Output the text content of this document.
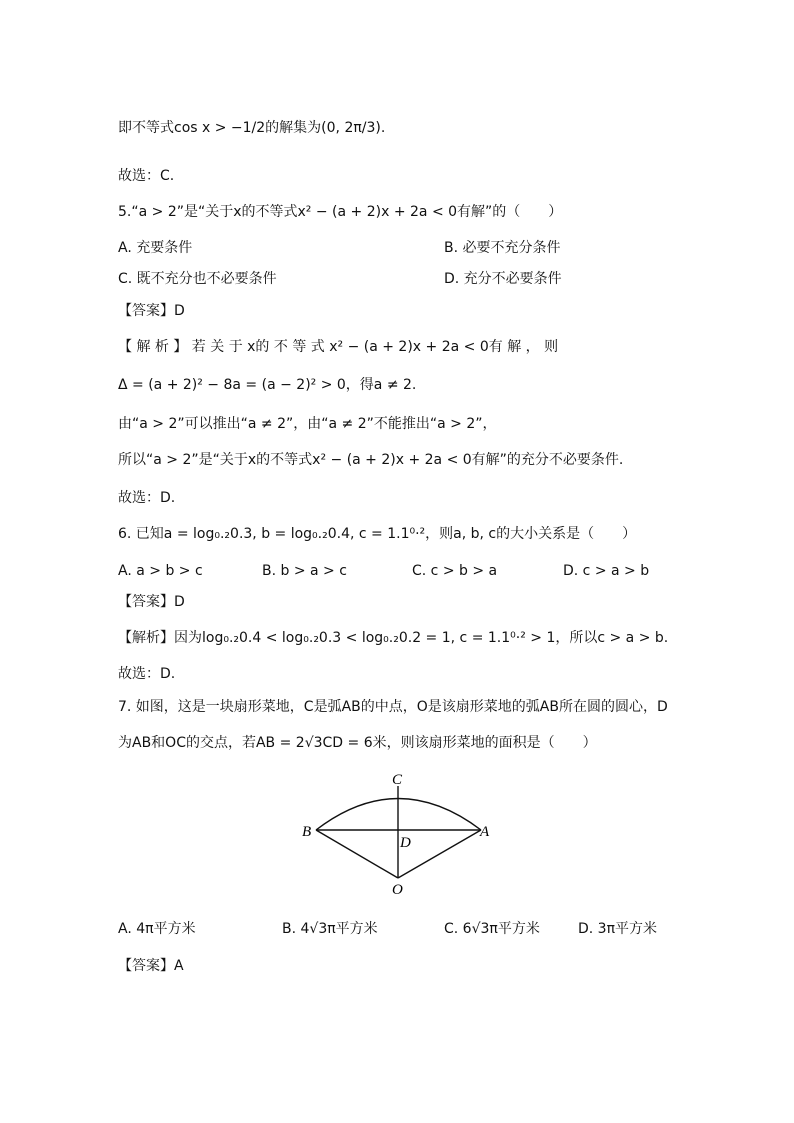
即不等式cos x > −1/2的解集为(0, 2π/3).
故选：C.
5.“a > 2”是“关于x的不等式x² − (a + 2)x + 2a < 0有解”的（　　）
A. 充要条件	B. 必要不充分条件
C. 既不充分也不必要条件	D. 充分不必要条件
【答案】D
【 解 析 】 若 关 于 x的 不 等 式 x² − (a + 2)x + 2a < 0有 解 ， 则
Δ = (a + 2)² − 8a = (a − 2)² > 0，得a ≠ 2.
由“a > 2”可以推出“a ≠ 2”，由“a ≠ 2”不能推出“a > 2”，
所以“a > 2”是“关于x的不等式x² − (a + 2)x + 2a < 0有解”的充分不必要条件.
故选：D.
6. 已知a = log₀.₂0.3, b = log₀.₂0.4, c = 1.1⁰·²，则a, b, c的大小关系是（　　）
A. a > b > c	B. b > a > c	C. c > b > a	D. c > a > b
【答案】D
【解析】因为log₀.₂0.4 < log₀.₂0.3 < log₀.₂0.2 = 1, c = 1.1⁰·² > 1，所以c > a > b.
故选：D.
7. 如图，这是一块扇形菜地，C是弧AB的中点，O是该扇形菜地的弧AB所在圆的圆心，D
为AB和OC的交点，若AB = 2√3CD = 6米，则该扇形菜地的面积是（　　）
C
B
D
A
O
A. 4π平方米	B. 4√3π平方米	C. 6√3π平方米	D. 3π平方米
【答案】A
